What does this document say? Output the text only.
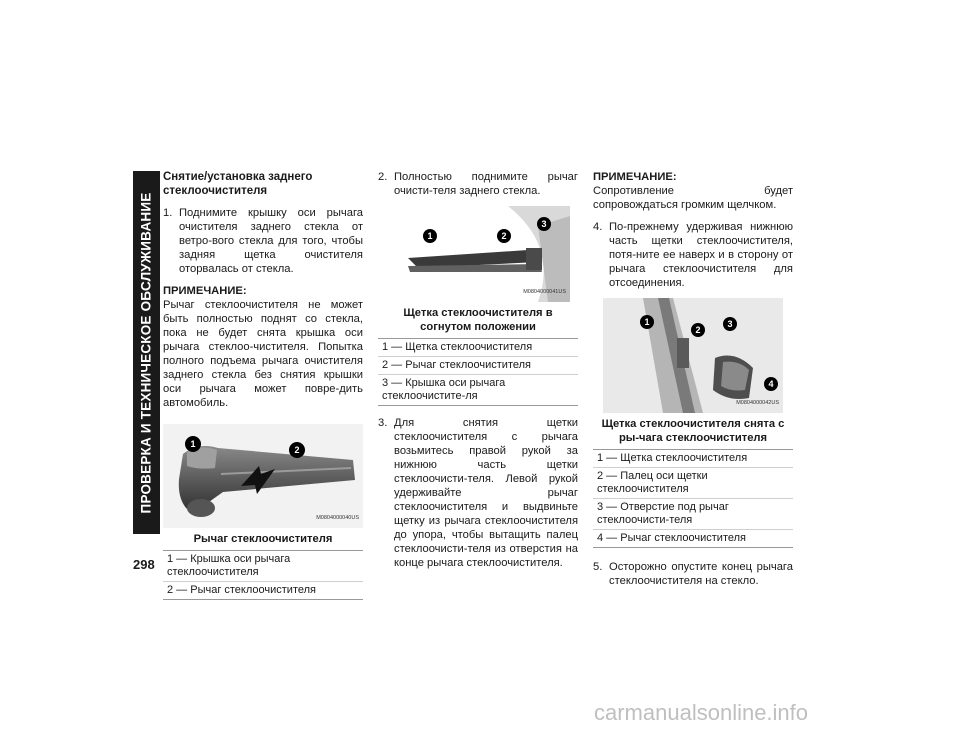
ПРОВЕРКА И ТЕХНИЧЕСКОЕ ОБСЛУЖИВАНИЕ
298
Снятие/установка заднего стеклоочистителя
1. Поднимите крышку оси рычага очистителя заднего стекла от ветро-вого стекла для того, чтобы задняя щетка очистителя оторвалась от стекла.
ПРИМЕЧАНИЕ:
Рычаг стеклоочистителя не может быть полностью поднят со стекла, пока не будет снята крышка оси рычага стеклоо-чистителя. Попытка полного подъема рычага очистителя заднего стекла без снятия крышки оси рычага может повре-дить автомобиль.
1
2
M0804000040US
Рычаг стеклоочистителя
1 — Крышка оси рычага стеклоочистителя
2 — Рычаг стеклоочистителя
2. Полностью поднимите рычаг очисти-теля заднего стекла.
1	2
3
M0804000041US
Щетка стеклоочистителя в согнутом положении
1 — Щетка стеклоочистителя
2 — Рычаг стеклоочистителя
3 — Крышка оси рычага стеклоочистите-ля
3. Для снятия щетки стеклоочистителя с рычага возьмитесь правой рукой за нижнюю часть щетки стеклоочисти-теля. Левой рукой удерживайте рычаг стеклоочистителя и выдвиньте щетку из рычага стеклоочистителя до упора, чтобы вытащить палец стеклоочисти-теля из отверстия на конце рычага стеклоочистителя.
ПРИМЕЧАНИЕ:
Сопротивление будет сопровождаться громким щелчком.
4. По-прежнему удерживая нижнюю часть щетки стеклоочистителя, потя-ните ее наверх и в сторону от рычага стеклоочистителя для отсоединения.
1
2
3
4
M0804000042US
Щетка стеклоочистителя снята с ры-чага стеклоочистителя
1 — Щетка стеклоочистителя
2 — Палец оси щетки стеклоочистителя
3 — Отверстие под рычаг стеклоочисти-теля
4 — Рычаг стеклоочистителя
5. Осторожно опустите конец рычага стеклоочистителя на стекло.
carmanualsonline.info
